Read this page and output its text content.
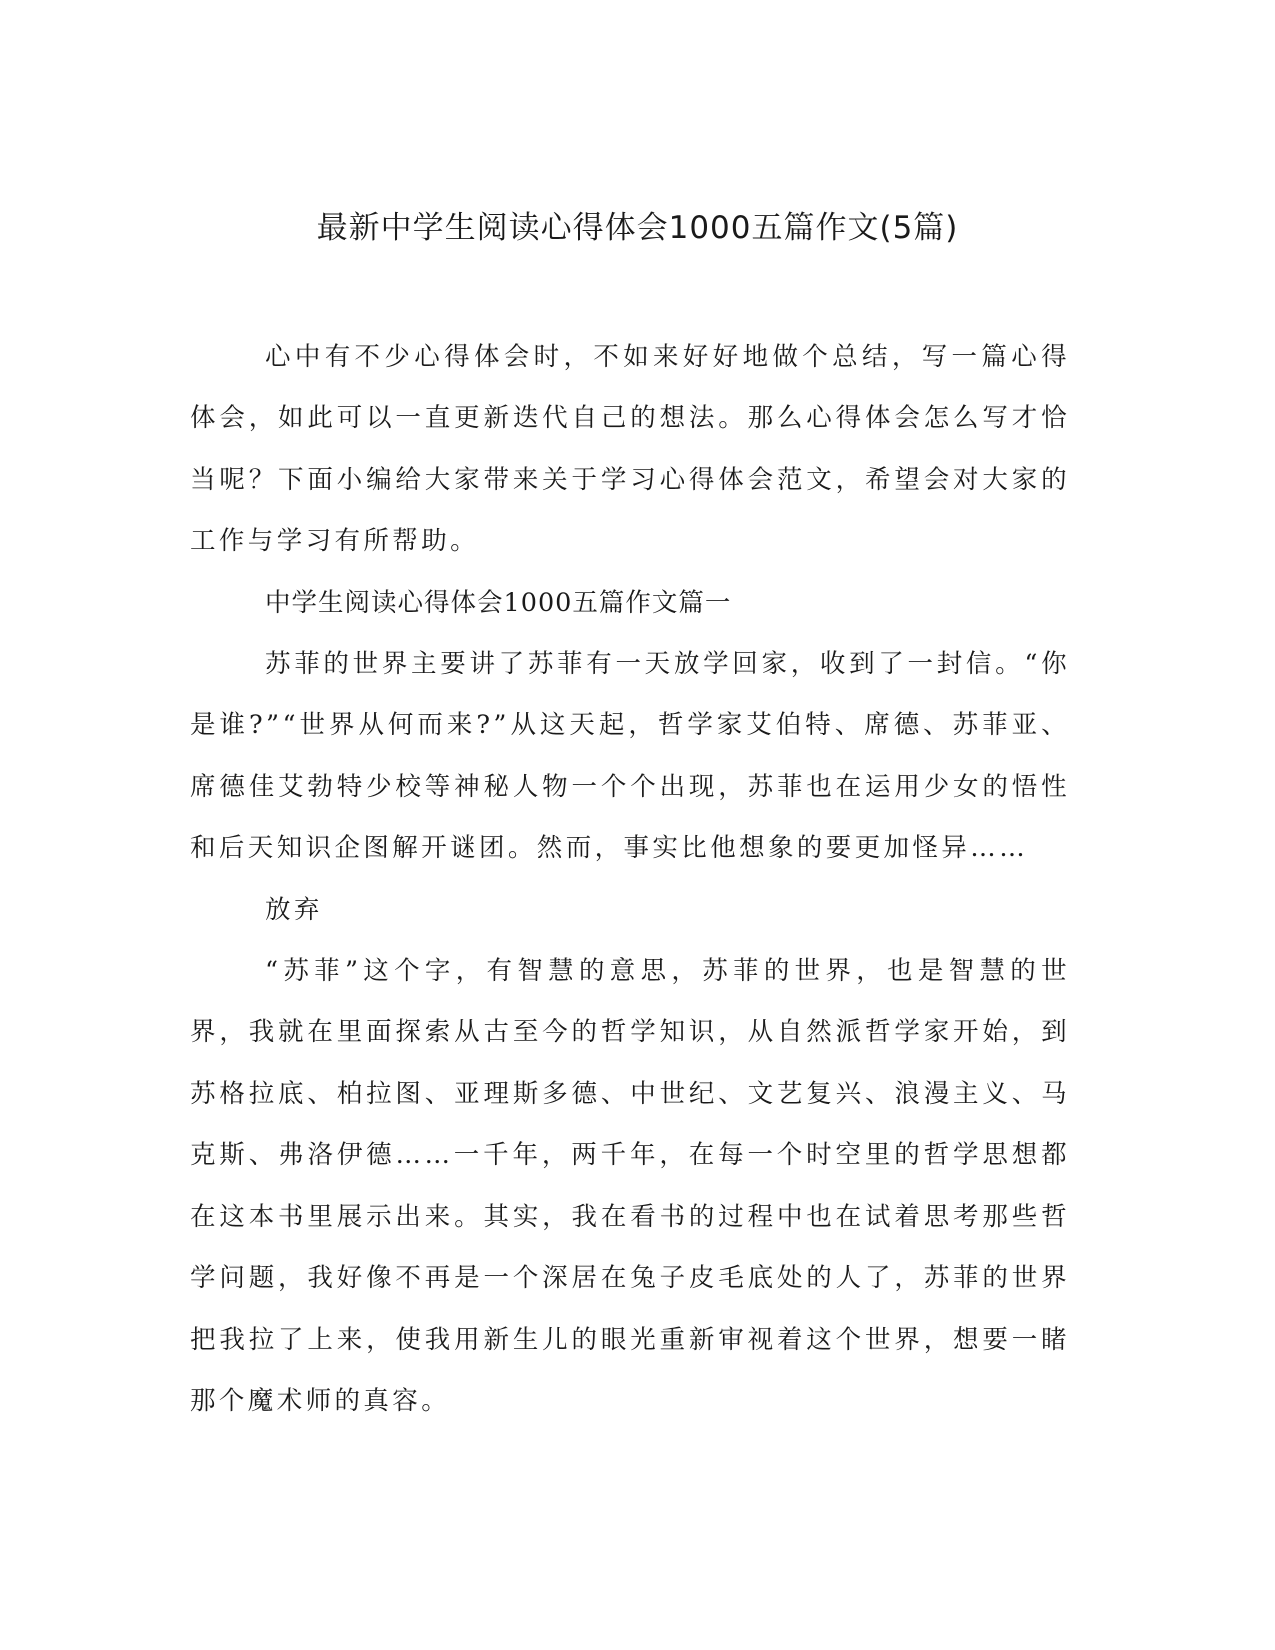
最新中学生阅读心得体会1000五篇作文(5篇)

心中有不少心得体会时，不如来好好地做个总结，写一篇心得体会，如此可以一直更新迭代自己的想法。那么心得体会怎么写才恰当呢？下面小编给大家带来关于学习心得体会范文，希望会对大家的工作与学习有所帮助。

中学生阅读心得体会1000五篇作文篇一

苏菲的世界主要讲了苏菲有一天放学回家，收到了一封信。“你是谁?”“世界从何而来?”从这天起，哲学家艾伯特、席德、苏菲亚、席德佳艾勃特少校等神秘人物一个个出现，苏菲也在运用少女的悟性和后天知识企图解开谜团。然而，事实比他想象的要更加怪异……

放弃

“苏菲”这个字，有智慧的意思，苏菲的世界，也是智慧的世界，我就在里面探索从古至今的哲学知识，从自然派哲学家开始，到苏格拉底、柏拉图、亚理斯多德、中世纪、文艺复兴、浪漫主义、马克斯、弗洛伊德……一千年，两千年，在每一个时空里的哲学思想都在这本书里展示出来。其实，我在看书的过程中也在试着思考那些哲学问题，我好像不再是一个深居在兔子皮毛底处的人了，苏菲的世界把我拉了上来，使我用新生儿的眼光重新审视着这个世界，想要一睹那个魔术师的真容。
